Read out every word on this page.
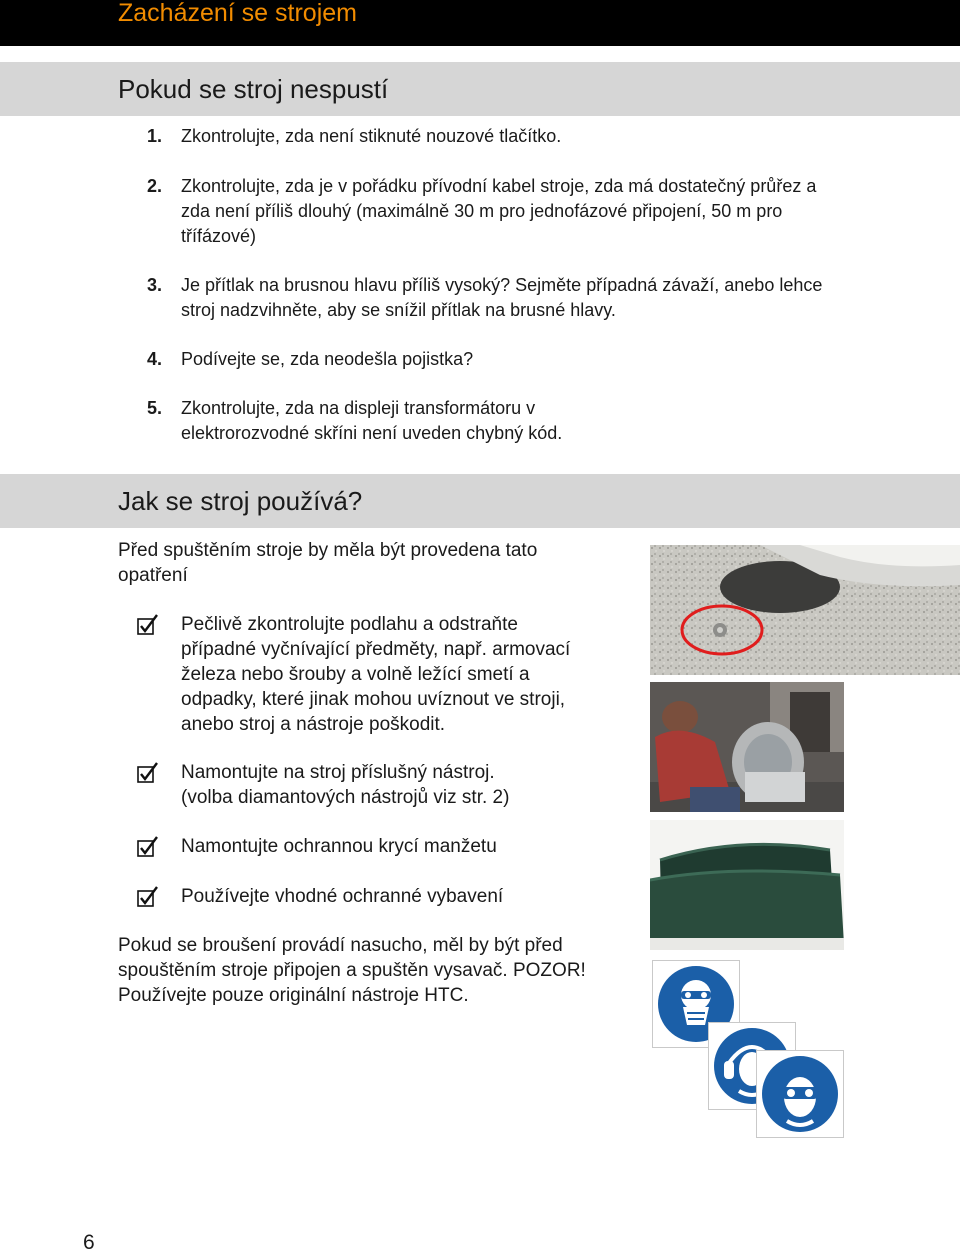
Zacházení se strojem
Pokud se stroj nespustí
1. Zkontrolujte, zda není stiknuté nouzové tlačítko.
2. Zkontrolujte, zda je v pořádku přívodní kabel stroje, zda má dostatečný průřez a zda není příliš dlouhý (maximálně 30 m pro jednofázové připojení, 50 m pro třífázové)
3. Je přítlak na brusnou hlavu příliš vysoký? Sejměte případná závaží, anebo lehce stroj nadzvihněte, aby se snížil přítlak na brusné hlavy.
4. Podívejte se, zda neodešla pojistka?
5. Zkontrolujte, zda na displeji transformátoru v elektrorozvodné skříni není uveden chybný kód.
Jak se stroj používá?
Před spuštěním stroje by měla být provedena tato opatření
Pečlivě zkontrolujte podlahu a odstraňte případné vyčnívající předměty, např. armovací železa nebo šrouby a volně ležící smetí a odpadky, které jinak mohou uvíznout ve stroji, anebo stroj a nástroje poškodit.
Namontujte na stroj příslušný nástroj. (volba diamantových nástrojů viz str. 2)
Namontujte ochrannou krycí manžetu
Používejte vhodné ochranné vybavení
Pokud se broušení provádí nasucho, měl by být před spouštěním stroje připojen a spuštěn vysavač. POZOR! Používejte pouze originální nástroje HTC.
6
